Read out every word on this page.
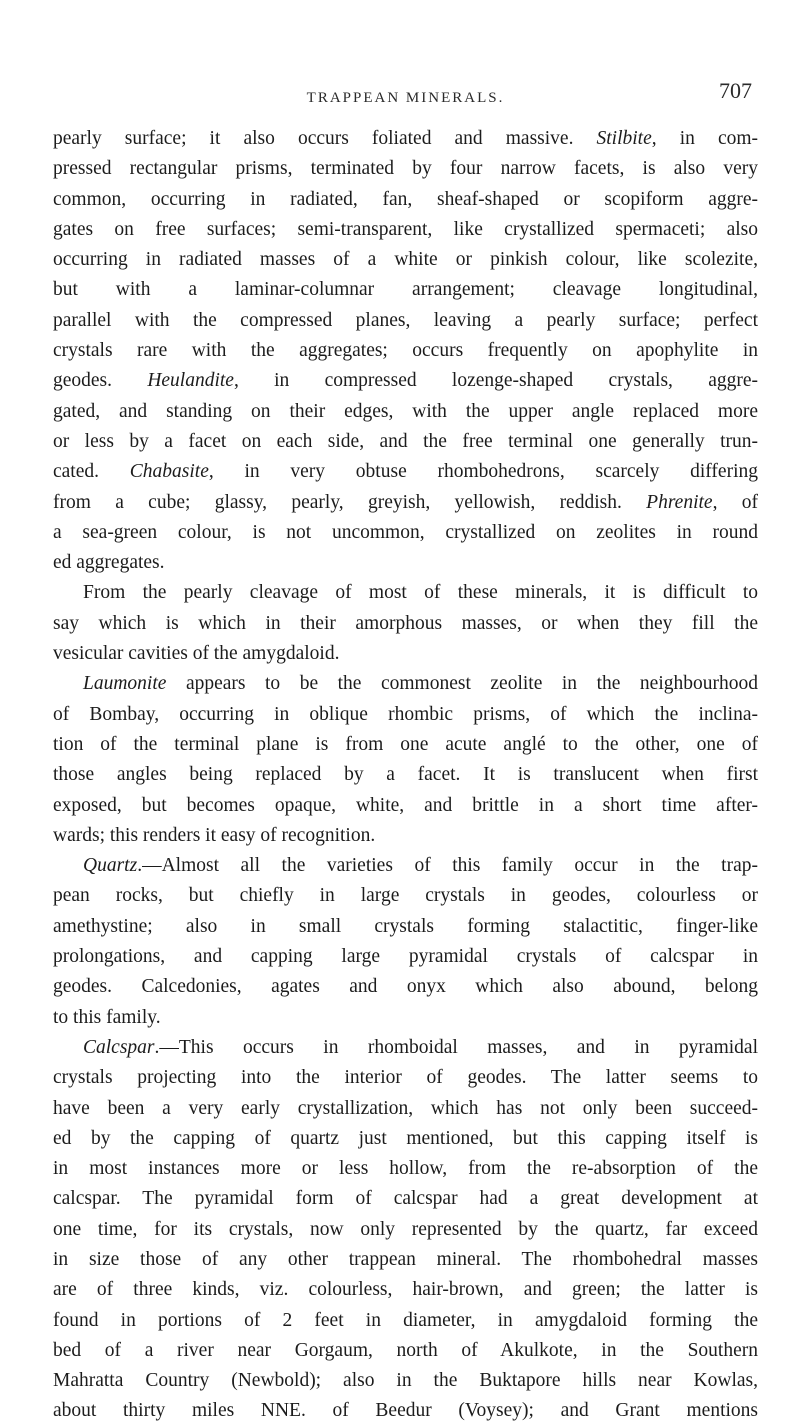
TRAPPEAN MINERALS.	707
pearly surface; it also occurs foliated and massive. Stilbite, in com-
pressed rectangular prisms, terminated by four narrow facets, is also very
common, occurring in radiated, fan, sheaf-shaped or scopiform aggre-
gates on free surfaces; semi-transparent, like crystallized spermaceti; also
occurring in radiated masses of a white or pinkish colour, like scolezite,
but with a laminar-columnar arrangement; cleavage longitudinal,
parallel with the compressed planes, leaving a pearly surface; perfect
crystals rare with the aggregates; occurs frequently on apophylite in
geodes. Heulandite, in compressed lozenge-shaped crystals, aggre-
gated, and standing on their edges, with the upper angle replaced more
or less by a facet on each side, and the free terminal one generally trun-
cated. Chabasite, in very obtuse rhombohedrons, scarcely differing
from a cube; glassy, pearly, greyish, yellowish, reddish. Phrenite, of
a sea-green colour, is not uncommon, crystallized on zeolites in round
ed aggregates.
From the pearly cleavage of most of these minerals, it is difficult to
say which is which in their amorphous masses, or when they fill the
vesicular cavities of the amygdaloid.
Laumonite appears to be the commonest zeolite in the neighbourhood
of Bombay, occurring in oblique rhombic prisms, of which the inclina-
tion of the terminal plane is from one acute anglé to the other, one of
those angles being replaced by a facet. It is translucent when first
exposed, but becomes opaque, white, and brittle in a short time after-
wards; this renders it easy of recognition.
Quartz.—Almost all the varieties of this family occur in the trap-
pean rocks, but chiefly in large crystals in geodes, colourless or
amethystine; also in small crystals forming stalactitic, finger-like
prolongations, and capping large pyramidal crystals of calcspar in
geodes. Calcedonies, agates and onyx which also abound, belong
to this family.
Calcspar.—This occurs in rhomboidal masses, and in pyramidal
crystals projecting into the interior of geodes. The latter seems to
have been a very early crystallization, which has not only been succeed-
ed by the capping of quartz just mentioned, but this capping itself is
in most instances more or less hollow, from the re-absorption of the
calcspar. The pyramidal form of calcspar had a great development at
one time, for its crystals, now only represented by the quartz, far exceed
in size those of any other trappean mineral. The rhombohedral masses
are of three kinds, viz. colourless, hair-brown, and green; the latter is
found in portions of 2 feet in diameter, in amygdaloid forming the
bed of a river near Gorgaum, north of Akulkote, in the Southern
Mahratta Country (Newbold); also in the Buktapore hills near Kowlas,
about thirty miles NNE. of Beedur (Voysey); and Grant mentions
